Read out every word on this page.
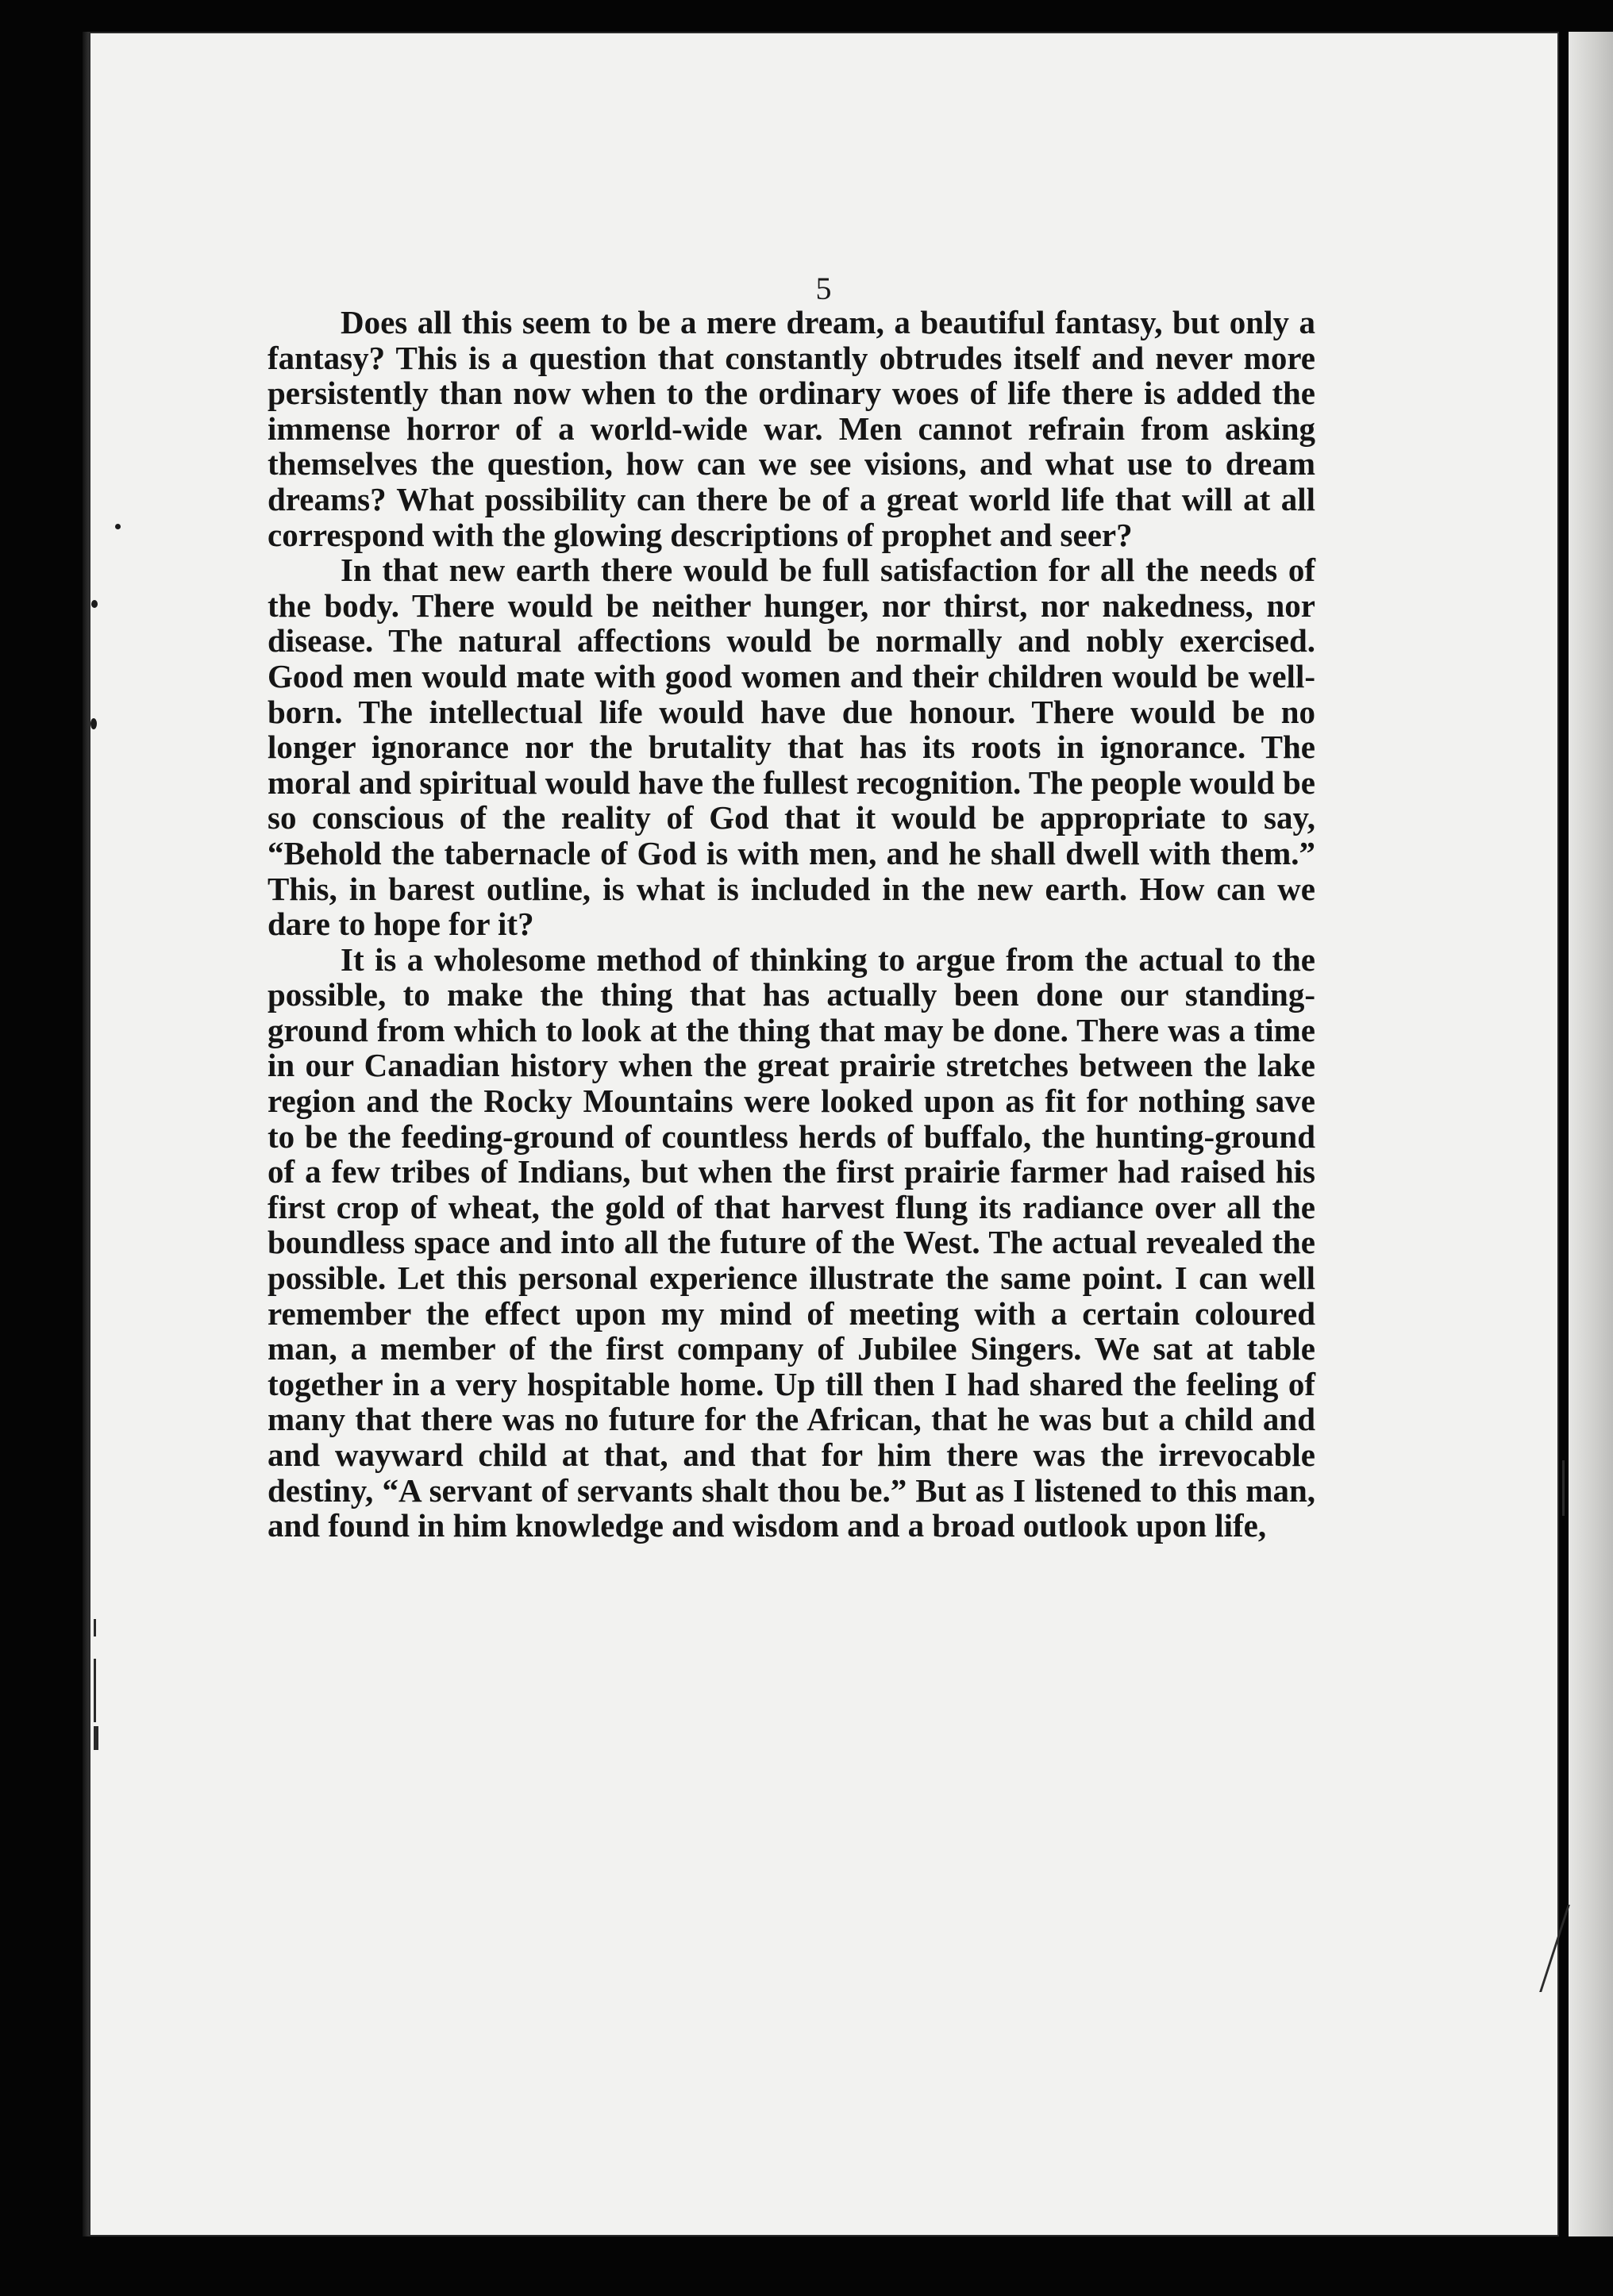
5

Does all this seem to be a mere dream, a beautiful fantasy, but only a fantasy? This is a question that constantly obtrudes itself and never more persistently than now when to the ordinary woes of life there is added the immense horror of a world-wide war. Men cannot refrain from asking themselves the question, how can we see visions, and what use to dream dreams? What possibility can there be of a great world life that will at all correspond with the glowing descriptions of prophet and seer?

In that new earth there would be full satisfaction for all the needs of the body. There would be neither hunger, nor thirst, nor nakedness, nor disease. The natural affections would be normally and nobly exercised. Good men would mate with good women and their children would be well-born. The intellectual life would have due honour. There would be no longer ignorance nor the brutality that has its roots in ignorance. The moral and spiritual would have the fullest recognition. The people would be so conscious of the reality of God that it would be appropriate to say, “Behold the tabernacle of God is with men, and he shall dwell with them.” This, in barest outline, is what is included in the new earth. How can we dare to hope for it?

It is a wholesome method of thinking to argue from the actual to the possible, to make the thing that has actually been done our standing-ground from which to look at the thing that may be done. There was a time in our Canadian history when the great prairie stretches between the lake region and the Rocky Mountains were looked upon as fit for nothing save to be the feeding-ground of countless herds of buffalo, the hunting-ground of a few tribes of Indians, but when the first prairie farmer had raised his first crop of wheat, the gold of that harvest flung its radiance over all the boundless space and into all the future of the West. The actual revealed the possible. Let this personal experience illustrate the same point. I can well remember the effect upon my mind of meeting with a certain coloured man, a member of the first company of Jubilee Singers. We sat at table together in a very hospitable home. Up till then I had shared the feeling of many that there was no future for the African, that he was but a child and and wayward child at that, and that for him there was the irrevocable destiny, “A servant of servants shalt thou be.” But as I listened to this man, and found in him knowledge and wisdom and a broad outlook upon life,
